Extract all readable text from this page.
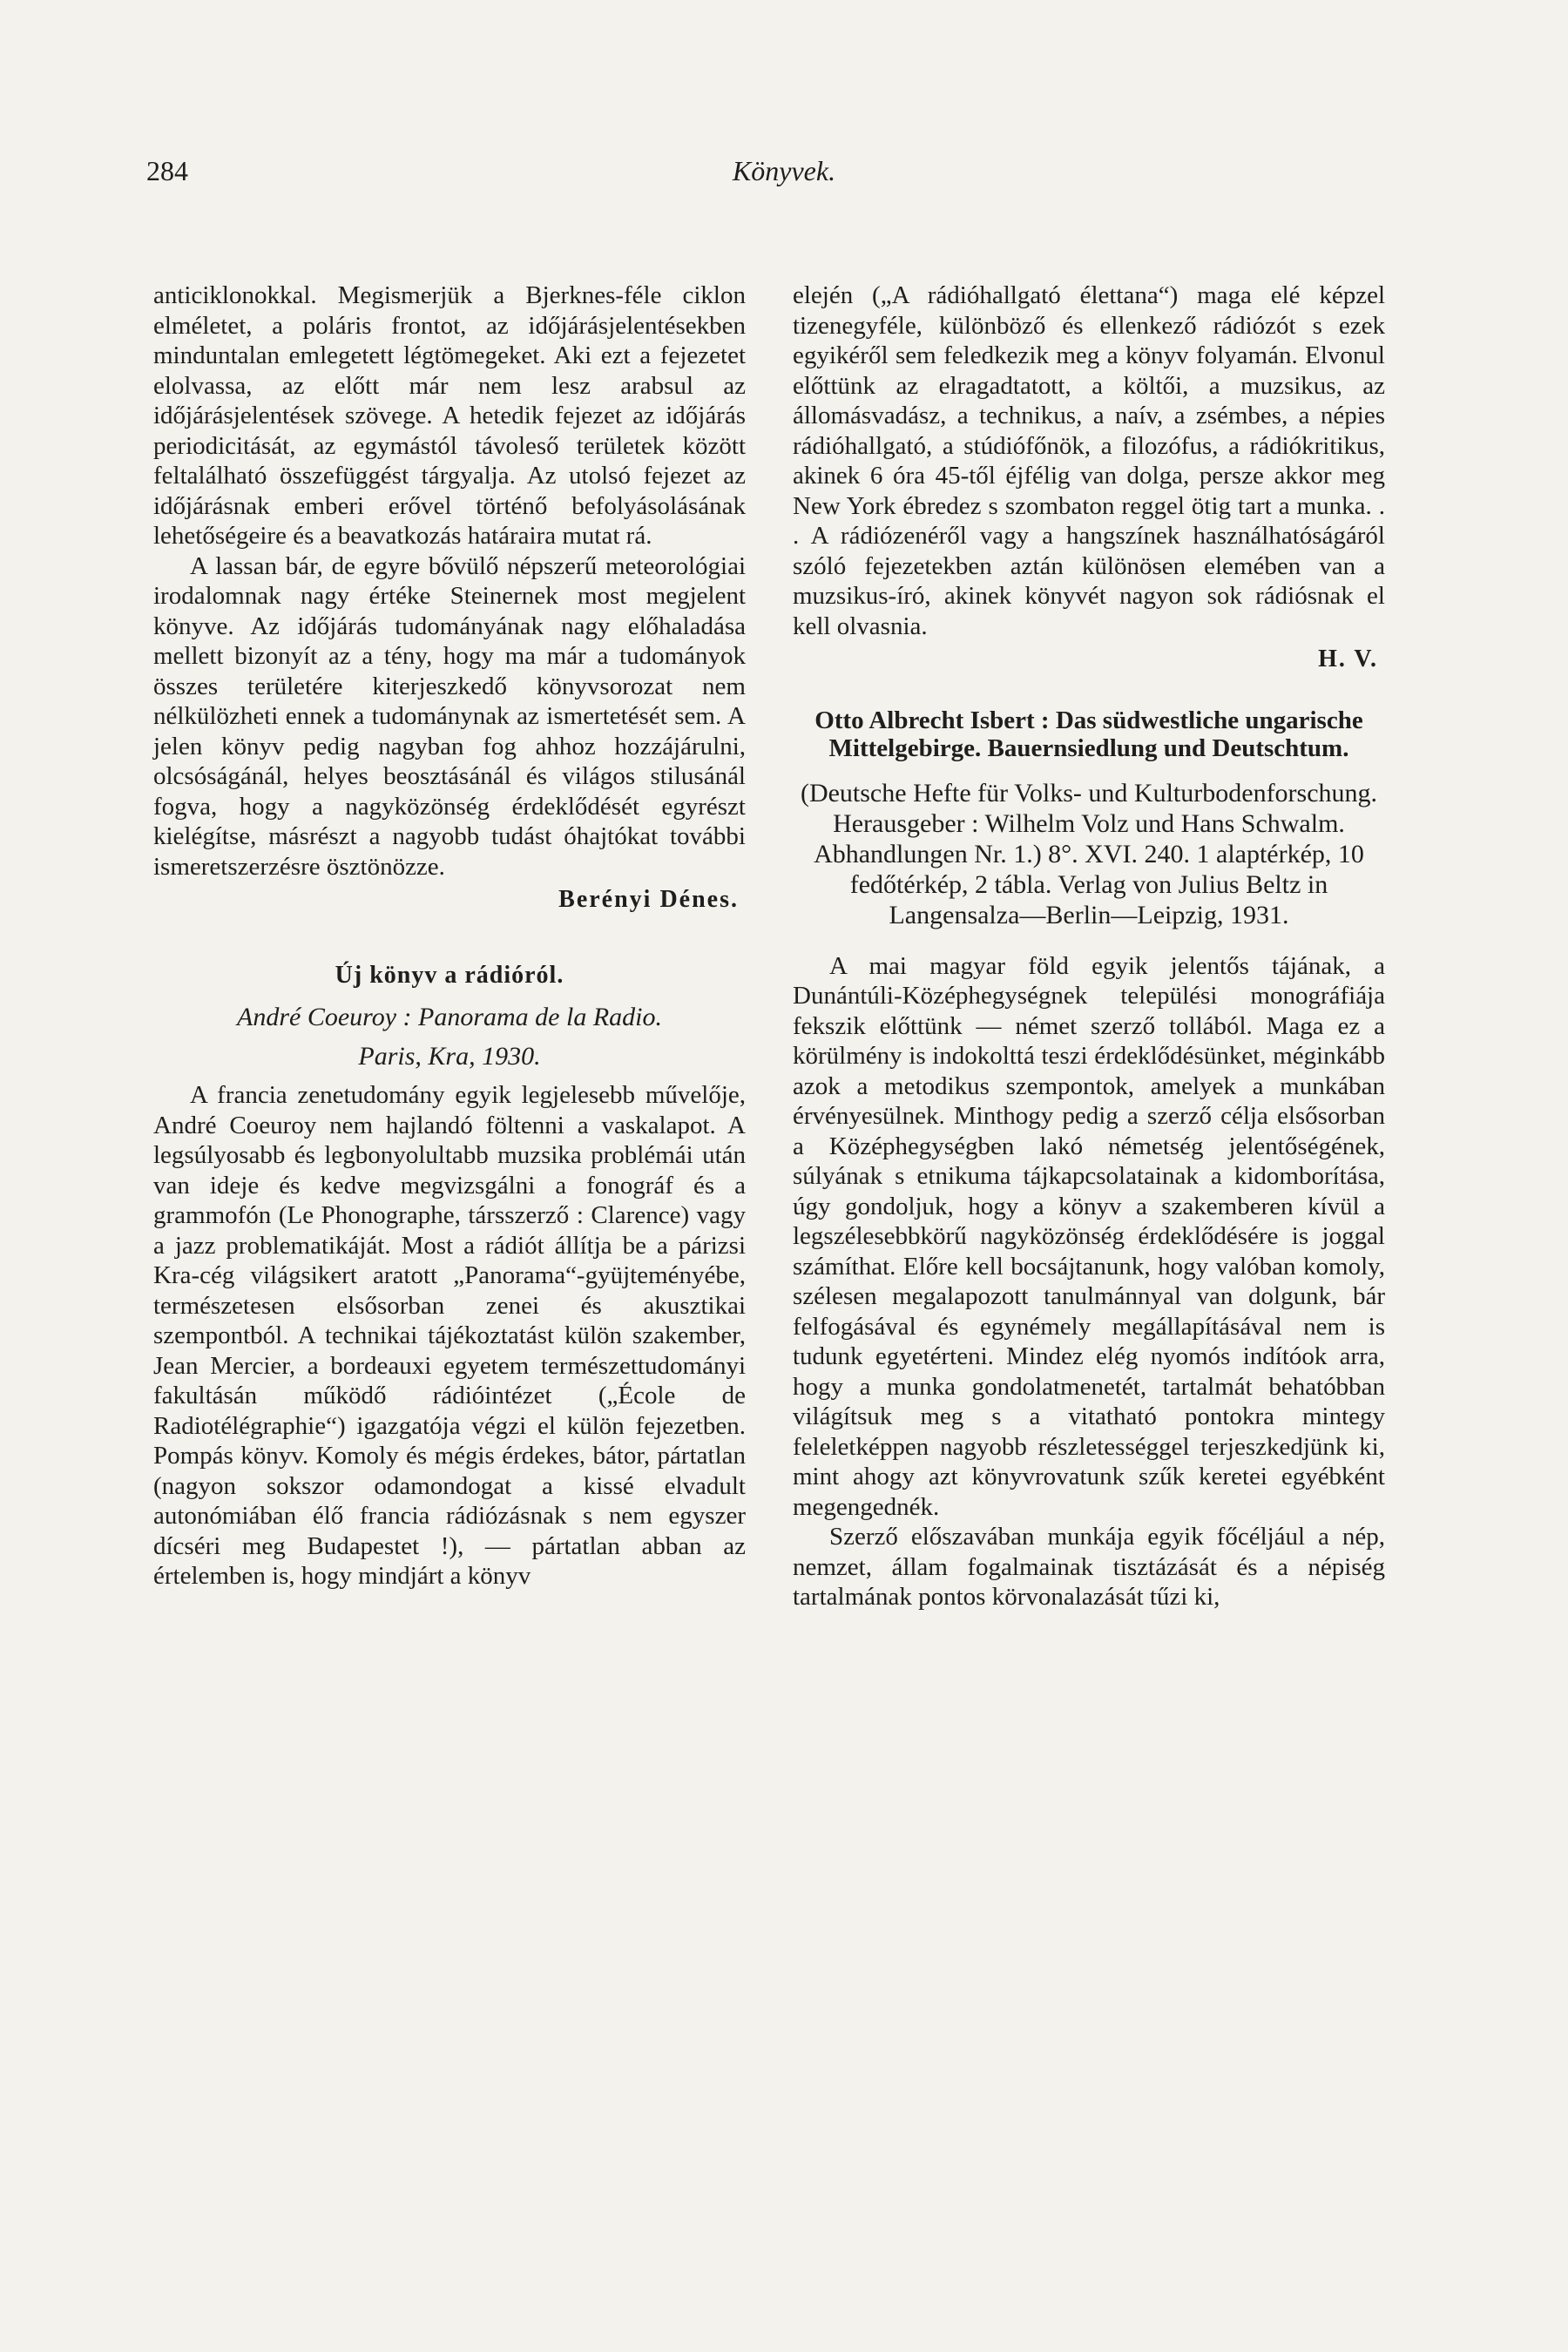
284	Könyvek.

anticiklonokkal. Megismerjük a Bjerknes-féle ciklon elméletet, a poláris frontot, az időjárásjelentésekben minduntalan emlegetett légtömegeket. Aki ezt a fejezetet elolvassa, az előtt már nem lesz arabsul az időjárásjelentések szövege. A hetedik fejezet az időjárás periodicitását, az egymástól távoleső területek között feltalálható összefüggést tárgyalja. Az utolsó fejezet az időjárásnak emberi erővel történő befolyásolásának lehetőségeire és a beavatkozás határaira mutat rá.

A lassan bár, de egyre bővülő népszerű meteorológiai irodalomnak nagy értéke Steinernek most megjelent könyve. Az időjárás tudományának nagy előhaladása mellett bizonyít az a tény, hogy ma már a tudományok összes területére kiterjeszkedő könyvsorozat nem nélkülözheti ennek a tudománynak az ismertetését sem. A jelen könyv pedig nagyban fog ahhoz hozzájárulni, olcsóságánál, helyes beosztásánál és világos stilusánál fogva, hogy a nagyközönség érdeklődését egyrészt kielégítse, másrészt a nagyobb tudást óhajtókat további ismeretszerzésre ösztönözze.

Berényi Dénes.

Új könyv a rádióról.

André Coeuroy : Panorama de la Radio.

Paris, Kra, 1930.

A francia zenetudomány egyik legjelesebb művelője, André Coeuroy nem hajlandó föltenni a vaskalapot. A legsúlyosabb és legbonyolultabb muzsika problémái után van ideje és kedve megvizsgálni a fonográf és a grammofón (Le Phonographe, társszerző : Clarence) vagy a jazz problematikáját. Most a rádiót állítja be a párizsi Kra-cég világsikert aratott „Panorama“-gyüjteményébe, természetesen elsősorban zenei és akusztikai szempontból. A technikai tájékoztatást külön szakember, Jean Mercier, a bordeauxi egyetem természettudományi fakultásán működő rádióintézet („École de Radiotélégraphie“) igazgatója végzi el külön fejezetben. Pompás könyv. Komoly és mégis érdekes, bátor, pártatlan (nagyon sokszor odamondogat a kissé elvadult autonómiában élő francia rádiózásnak s nem egyszer dícséri meg Budapestet !), — pártatlan abban az értelemben is, hogy mindjárt a könyv

elején („A rádióhallgató élettana“) maga elé képzel tizenegyféle, különböző és ellenkező rádiózót s ezek egyikéről sem feledkezik meg a könyv folyamán. Elvonul előttünk az elragadtatott, a költői, a muzsikus, az állomásvadász, a technikus, a naív, a zsémbes, a népies rádióhallgató, a stúdiófőnök, a filozófus, a rádiókritikus, akinek 6 óra 45-től éjfélig van dolga, persze akkor meg New York ébredez s szombaton reggel ötig tart a munka. . . A rádiózenéről vagy a hangszínek használhatóságáról szóló fejezetekben aztán különösen elemében van a muzsikus-író, akinek könyvét nagyon sok rádiósnak el kell olvasnia.

H. V.

Otto Albrecht Isbert : Das südwestliche ungarische Mittelgebirge. Bauernsiedlung und Deutschtum.

(Deutsche Hefte für Volks- und Kulturbodenforschung. Herausgeber : Wilhelm Volz und Hans Schwalm. Abhandlungen Nr. 1.) 8°. XVI. 240. 1 alaptérkép, 10 fedőtérkép, 2 tábla. Verlag von Julius Beltz in Langensalza—Berlin—Leipzig, 1931.

A mai magyar föld egyik jelentős tájának, a Dunántúli-Középhegységnek települési monográfiája fekszik előttünk — német szerző tollából. Maga ez a körülmény is indokolttá teszi érdeklődésünket, méginkább azok a metodikus szempontok, amelyek a munkában érvényesülnek. Minthogy pedig a szerző célja elsősorban a Középhegységben lakó németség jelentőségének, súlyának s etnikuma tájkapcsolatainak a kidomborítása, úgy gondoljuk, hogy a könyv a szakemberen kívül a legszélesebbkörű nagyközönség érdeklődésére is joggal számíthat. Előre kell bocsájtanunk, hogy valóban komoly, szélesen megalapozott tanulmánnyal van dolgunk, bár felfogásával és egynémely megállapításával nem is tudunk egyetérteni. Mindez elég nyomós indítóok arra, hogy a munka gondolatmenetét, tartalmát behatóbban világítsuk meg s a vitatható pontokra mintegy feleletképpen nagyobb részletességgel terjeszkedjünk ki, mint ahogy azt könyvrovatunk szűk keretei egyébként megengednék.

Szerző előszavában munkája egyik főcéljául a nép, nemzet, állam fogalmainak tisztázását és a népiség tartalmának pontos körvonalazását tűzi ki,
